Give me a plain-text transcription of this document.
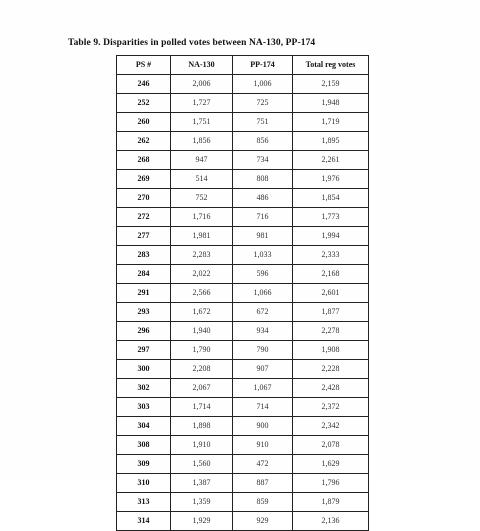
Table 9. Disparities in polled votes between NA-130, PP-174
PS #	NA-130	PP-174	Total reg votes
246	2,006	1,006	2,159
252	1,727	725	1,948
260	1,751	751	1,719
262	1,856	856	1,895
268	947	734	2,261
269	514	808	1,976
270	752	486	1,854
272	1,716	716	1,773
277	1,981	981	1,994
283	2,283	1,033	2,333
284	2,022	596	2,168
291	2,566	1,066	2,601
293	1,672	672	1,877
296	1,940	934	2,278
297	1,790	790	1,908
300	2,208	907	2,228
302	2,067	1,067	2,428
303	1,714	714	2,372
304	1,898	900	2,342
308	1,910	910	2,078
309	1,560	472	1,629
310	1,387	887	1,796
313	1,359	859	1,879
314	1,929	929	2,136
